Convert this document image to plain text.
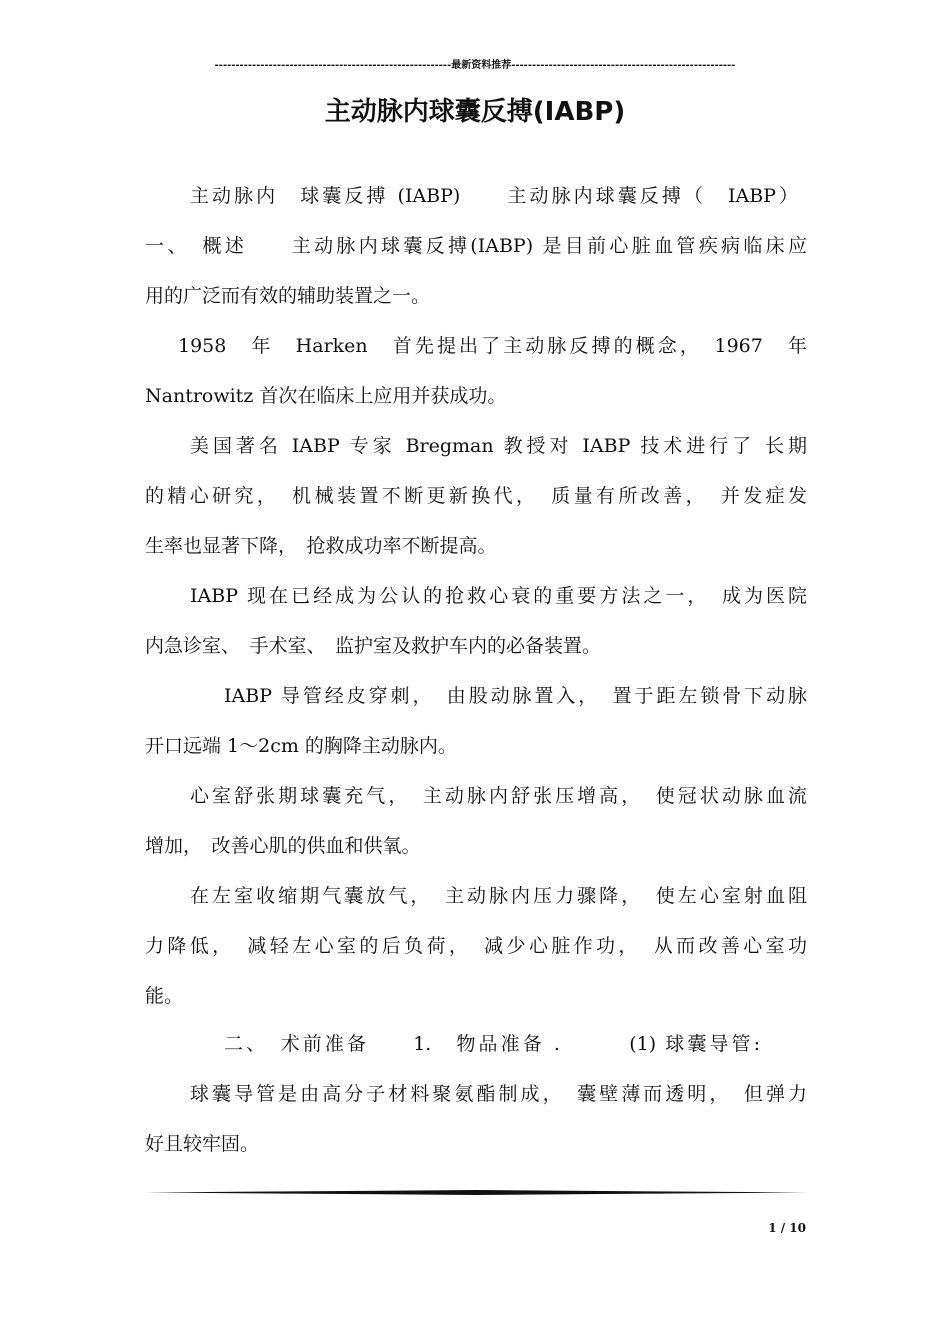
---------------------------------------------------------最新资料推荐------------------------------------------------------
主动脉内球囊反搏(IABP)
主动脉内　球囊反搏 (IABP)　　主动脉内球囊反搏（　IABP）
一、　概述　　主动脉内球囊反搏(IABP) 是目前心脏血管疾病临床应
用的广泛而有效的辅助装置之一。
1958　年　Harken　首先提出了主动脉反搏的概念，　1967　年
Nantrowitz 首次在临床上应用并获成功。
美国著名 IABP 专家 Bregman 教授对 IABP 技术进行了 长期
的精心研究，　机械装置不断更新换代，　质量有所改善，　并发症发
生率也显著下降，　抢救成功率不断提高。
IABP 现在已经成为公认的抢救心衰的重要方法之一，　成为医院
内急诊室、　手术室、　监护室及救护车内的必备装置。
IABP 导管经皮穿刺，　由股动脉置入，　置于距左锁骨下动脉
开口远端 1～2cm 的胸降主动脉内。
心室舒张期球囊充气，　主动脉内舒张压增高，　使冠状动脉血流
增加，　改善心肌的供血和供氧。
在左室收缩期气囊放气，　主动脉内压力骤降，　使左心室射血阻
力降低，　减轻左心室的后负荷，　减少心脏作功，　从而改善心室功
能。
二、　术前准备　　1.　物品准备 .　　　(1) 球囊导管:
球囊导管是由高分子材料聚氨酯制成，　囊壁薄而透明，　但弹力
好且较牢固。
1 / 10
